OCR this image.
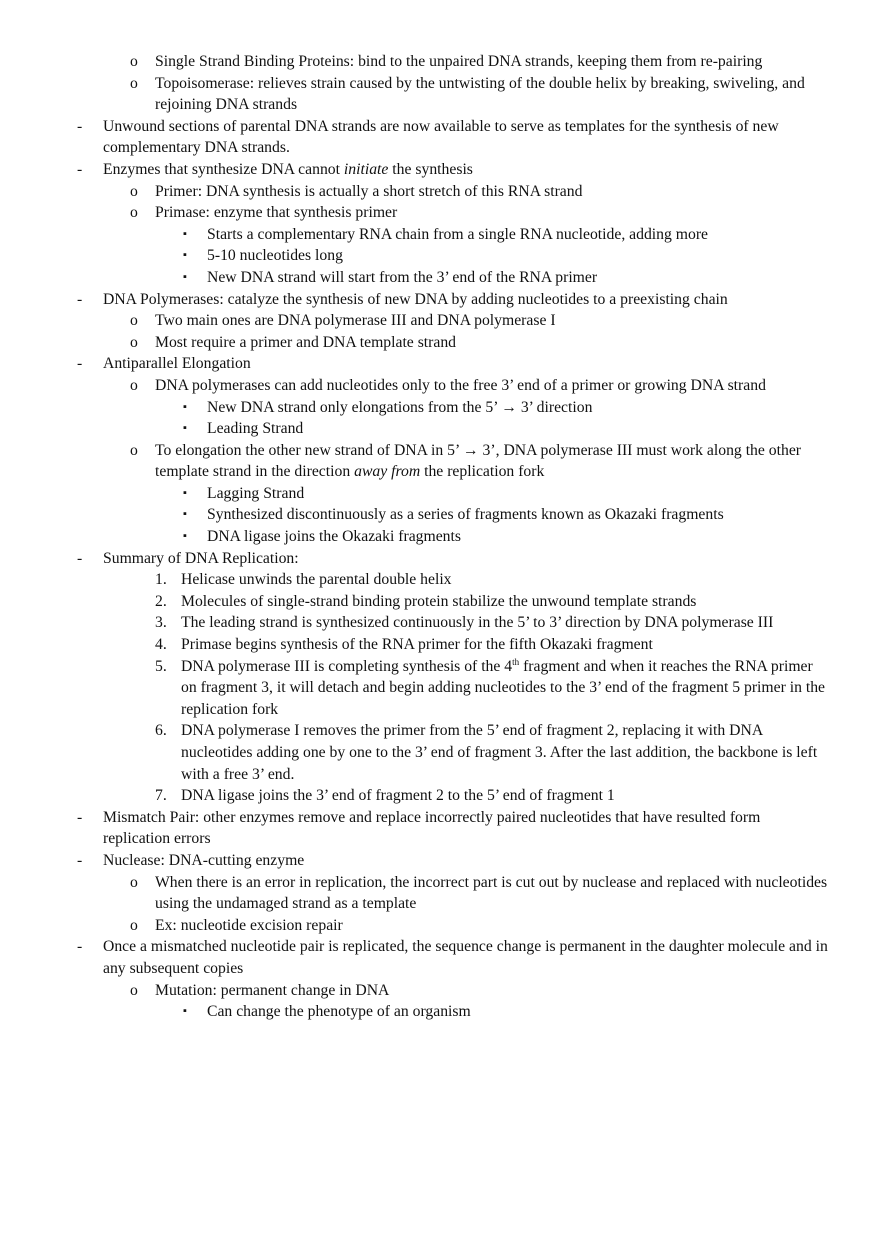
o Single Strand Binding Proteins: bind to the unpaired DNA strands, keeping them from re-pairing
o Topoisomerase: relieves strain caused by the untwisting of the double helix by breaking, swiveling, and rejoining DNA strands
- Unwound sections of parental DNA strands are now available to serve as templates for the synthesis of new complementary DNA strands.
- Enzymes that synthesize DNA cannot initiate the synthesis
o Primer: DNA synthesis is actually a short stretch of this RNA strand
o Primase: enzyme that synthesis primer
▪ Starts a complementary RNA chain from a single RNA nucleotide, adding more
▪ 5-10 nucleotides long
▪ New DNA strand will start from the 3’ end of the RNA primer
- DNA Polymerases: catalyze the synthesis of new DNA by adding nucleotides to a preexisting chain
o Two main ones are DNA polymerase III and DNA polymerase I
o Most require a primer and DNA template strand
- Antiparallel Elongation
o DNA polymerases can add nucleotides only to the free 3’ end of a primer or growing DNA strand
▪ New DNA strand only elongations from the 5’ → 3’ direction
▪ Leading Strand
o To elongation the other new strand of DNA in 5’ → 3’, DNA polymerase III must work along the other template strand in the direction away from the replication fork
▪ Lagging Strand
▪ Synthesized discontinuously as a series of fragments known as Okazaki fragments
▪ DNA ligase joins the Okazaki fragments
- Summary of DNA Replication:
1. Helicase unwinds the parental double helix
2. Molecules of single-strand binding protein stabilize the unwound template strands
3. The leading strand is synthesized continuously in the 5’ to 3’ direction by DNA polymerase III
4. Primase begins synthesis of the RNA primer for the fifth Okazaki fragment
5. DNA polymerase III is completing synthesis of the 4th fragment and when it reaches the RNA primer on fragment 3, it will detach and begin adding nucleotides to the 3’ end of the fragment 5 primer in the replication fork
6. DNA polymerase I removes the primer from the 5’ end of fragment 2, replacing it with DNA nucleotides adding one by one to the 3’ end of fragment 3. After the last addition, the backbone is left with a free 3’ end.
7. DNA ligase joins the 3’ end of fragment 2 to the 5’ end of fragment 1
- Mismatch Pair: other enzymes remove and replace incorrectly paired nucleotides that have resulted form replication errors
- Nuclease: DNA-cutting enzyme
o When there is an error in replication, the incorrect part is cut out by nuclease and replaced with nucleotides using the undamaged strand as a template
o Ex: nucleotide excision repair
- Once a mismatched nucleotide pair is replicated, the sequence change is permanent in the daughter molecule and in any subsequent copies
o Mutation: permanent change in DNA
▪ Can change the phenotype of an organism
